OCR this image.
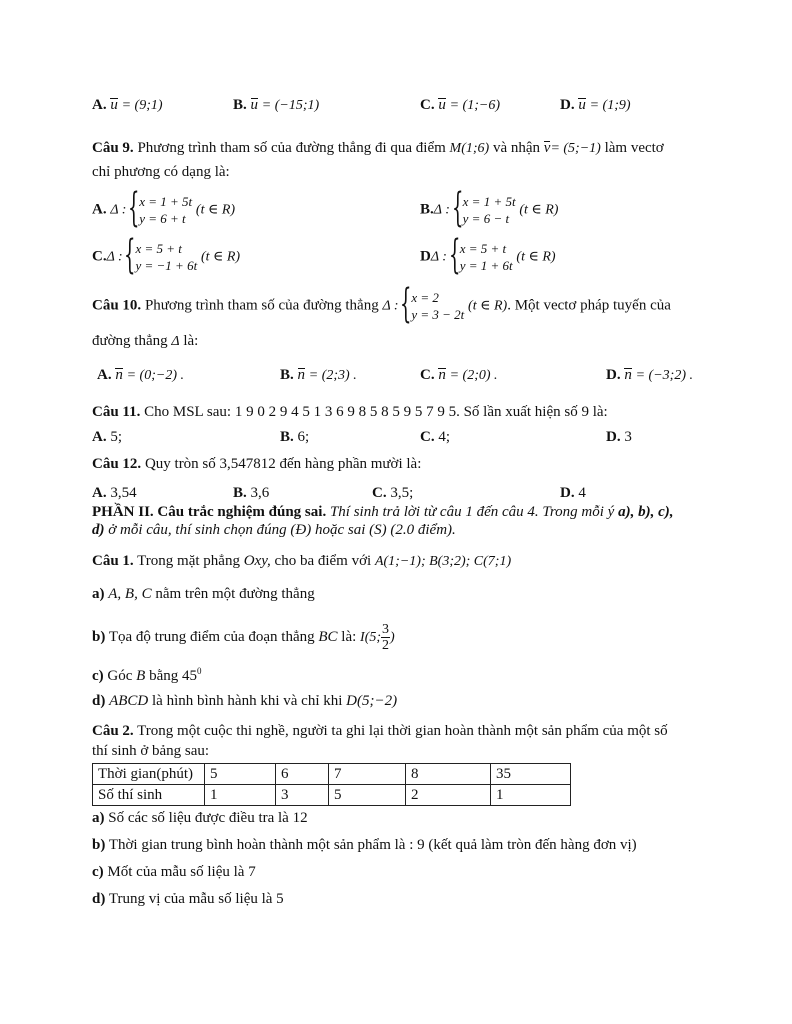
A. u = (9;1)	B. u = (−15;1)	C. u = (1;−6)	D. u = (1;9)
Câu 9. Phương trình tham số của đường thẳng đi qua điểm M(1;6) và nhận v= (5;−1) làm vectơ
chỉ phương có dạng là:
A. Δ :
{ x = 1 + 5t
y = 6 + t
(t ∈ R)	B.Δ :
{ x = 1 + 5t
y = 6 − t
(t ∈ R)
C.Δ :
{ x = 5 + t
y = −1 + 6t
(t ∈ R)	DΔ :
{ x = 5 + t
y = 1 + 6t
(t ∈ R)
Câu 10. Phương trình tham số của đường thẳng Δ :
{ x = 2
y = 3 − 2t
(t ∈ R). Một vectơ pháp tuyến của
đường thẳng Δ là:
A. n = (0;−2) .	B. n = (2;3) .	C. n = (2;0) .	D. n = (−3;2) .
Câu 11. Cho MSL sau: 1 9 0 2 9 4 5 1 3 6 9 8 5 8 5 9 5 7 9 5. Số lần xuất hiện số 9 là:
A. 5;	B. 6;	C. 4;	D. 3
Câu 12. Quy tròn số 3,547812 đến hàng phần mười là:
A. 3,54	B. 3,6	C. 3,5;	D. 4
PHẦN II. Câu trắc nghiệm đúng sai. Thí sinh trả lời từ câu 1 đến câu 4. Trong mỗi ý a), b), c),
d) ở mỗi câu, thí sinh chọn đúng (Đ) hoặc sai (S) (2.0 điểm).
Câu 1. Trong mặt phẳng Oxy, cho ba điểm với A(1;−1); B(3;2); C(7;1)
a) A, B, C nằm trên một đường thẳng
b) Tọa độ trung điểm của đoạn thẳng BC là: I(5; $\frac{3}{2}$ )
c) Góc B bằng $45^0$
d) ABCD là hình bình hành khi và chỉ khi D(5;−2)
Câu 2. Trong một cuộc thi nghề, người ta ghi lại thời gian hoàn thành một sản phẩm của một số
thí sinh ở bảng sau:
Thời gian(phút)	5	6	7	8	35
Số thí sinh	1	3	5	2	1
a) Số các số liệu được điều tra là 12
b) Thời gian trung bình hoàn thành một sản phẩm là : 9 (kết quả làm tròn đến hàng đơn vị)
c) Mốt của mẫu số liệu là 7
d) Trung vị của mẫu số liệu là 5
